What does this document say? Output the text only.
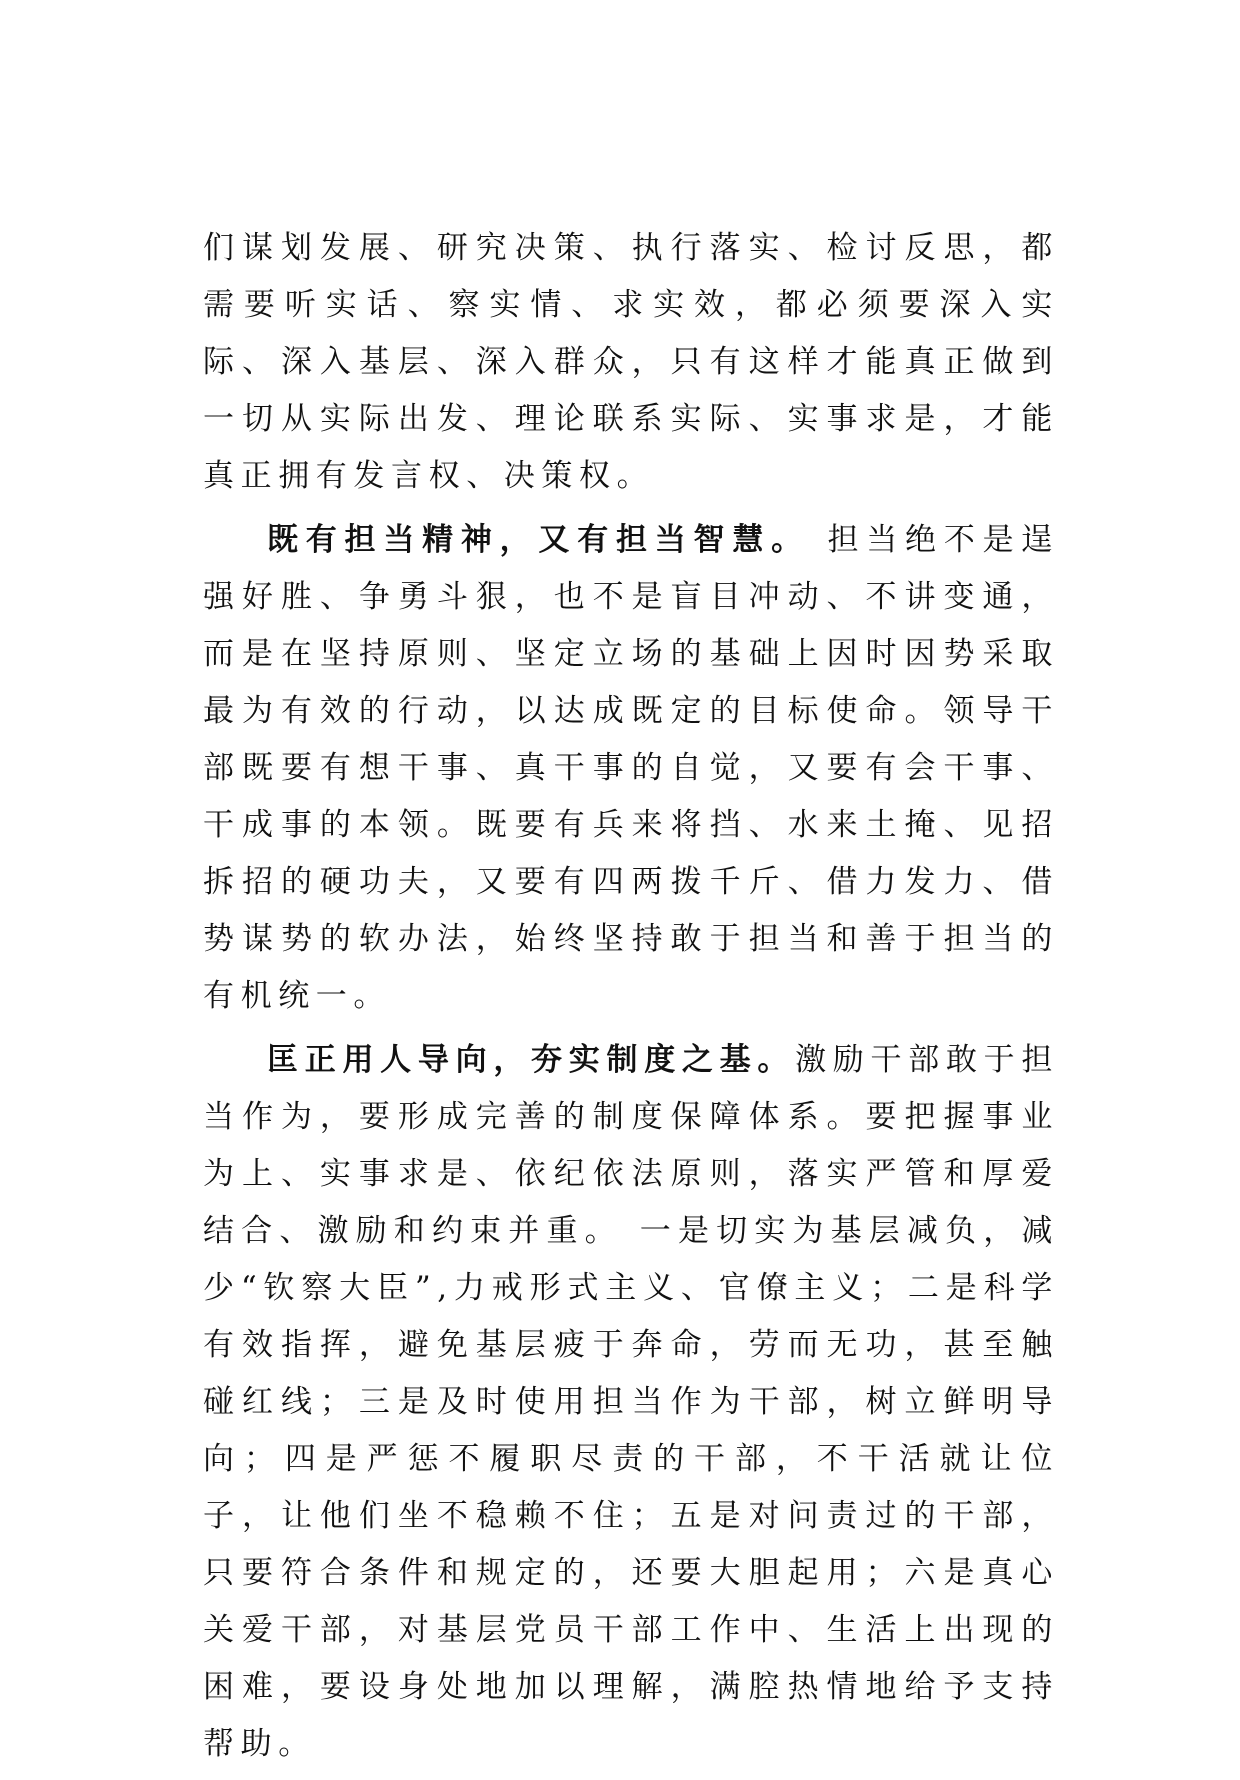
们谋划发展、研究决策、执行落实、检讨反思，都需要听实话、察实情、求实效，都必须要深入实际、深入基层、深入群众，只有这样才能真正做到一切从实际出发、理论联系实际、实事求是，才能真正拥有发言权、决策权。

既有担当精神，又有担当智慧。 担当绝不是逞强好胜、争勇斗狠，也不是盲目冲动、不讲变通，而是在坚持原则、坚定立场的基础上因时因势采取最为有效的行动，以达成既定的目标使命。领导干部既要有想干事、真干事的自觉，又要有会干事、干成事的本领。既要有兵来将挡、水来土掩、见招拆招的硬功夫，又要有四两拨千斤、借力发力、借势谋势的软办法，始终坚持敢于担当和善于担当的有机统一。

匡正用人导向，夯实制度之基。激励干部敢于担当作为，要形成完善的制度保障体系。要把握事业为上、实事求是、依纪依法原则，落实严管和厚爱结合、激励和约束并重。 一是切实为基层减负，减少“钦察大臣”,力戒形式主义、官僚主义；二是科学有效指挥，避免基层疲于奔命，劳而无功，甚至触碰红线；三是及时使用担当作为干部，树立鲜明导向；四是严惩不履职尽责的干部，不干活就让位子，让他们坐不稳赖不住；五是对问责过的干部，只要符合条件和规定的，还要大胆起用；六是真心关爱干部，对基层党员干部工作中、生活上出现的困难，要设身处地加以理解，满腔热情地给予支持帮助。
